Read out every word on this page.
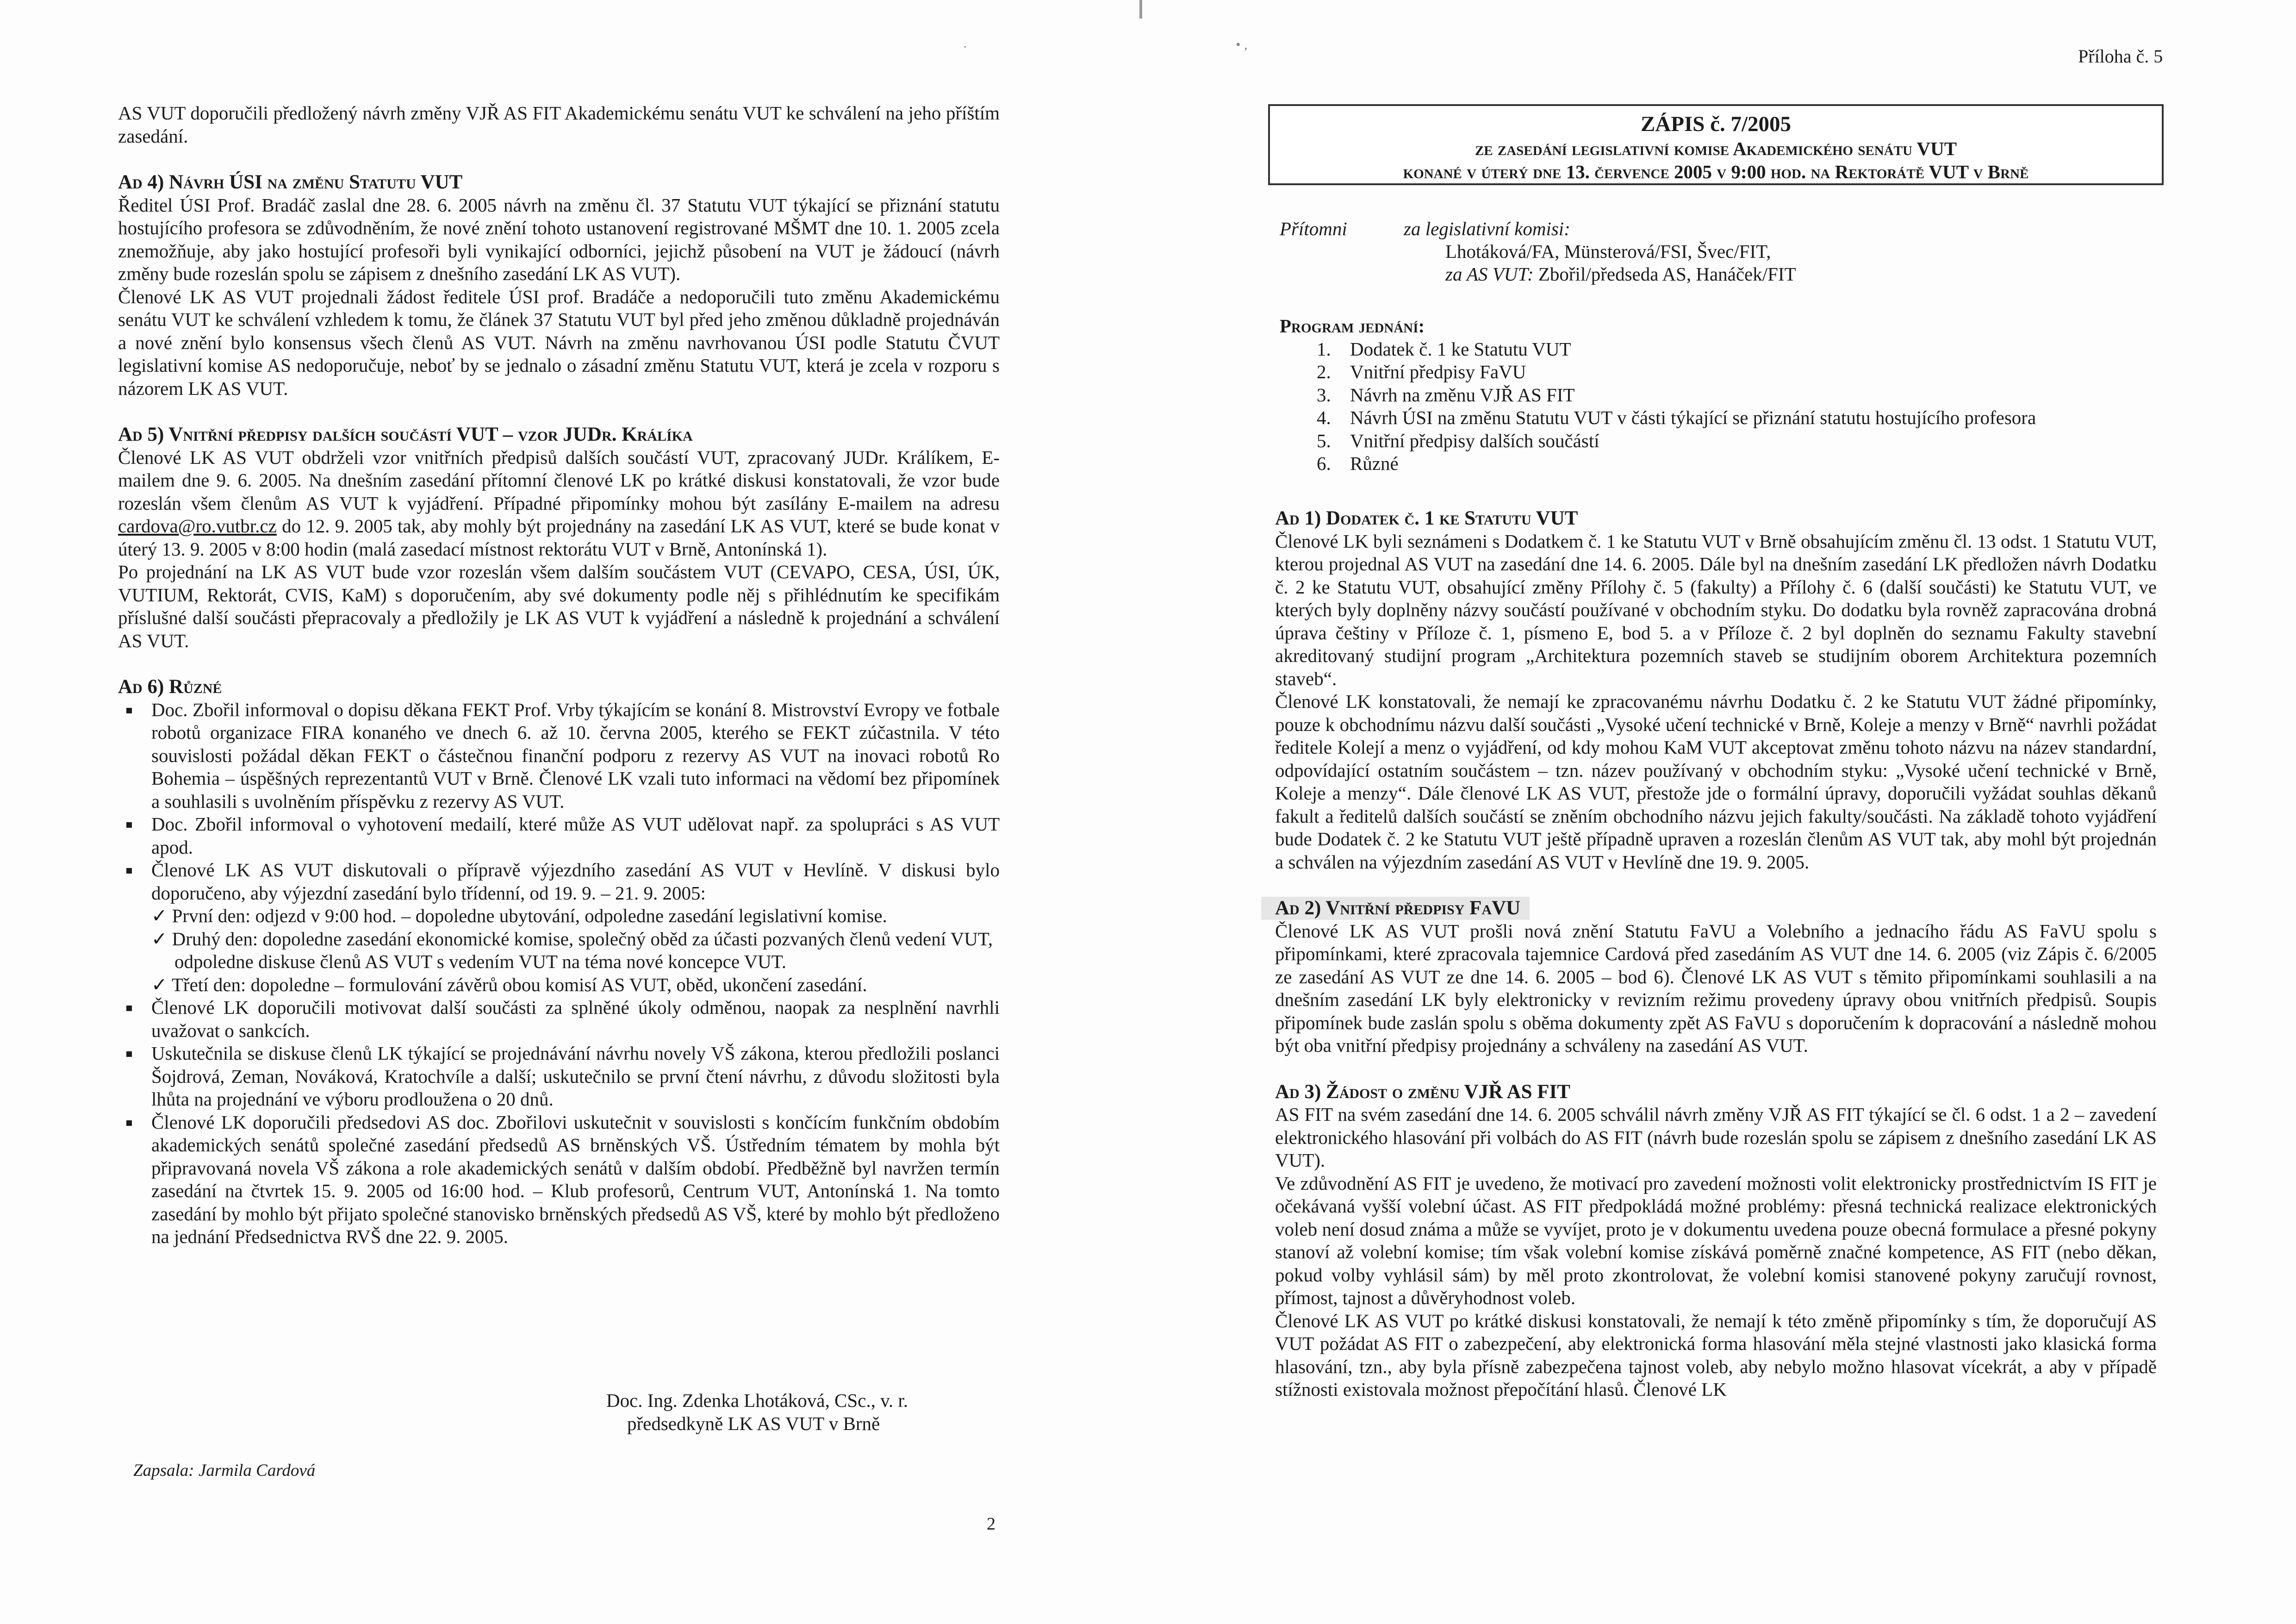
·

AS VUT doporučili předložený návrh změny VJŘ AS FIT Akademickému senátu VUT ke schválení na jeho příštím zasedání.

Ad 4) Návrh ÚSI na změnu Statutu VUT

Ředitel ÚSI Prof. Bradáč zaslal dne 28. 6. 2005 návrh na změnu čl. 37 Statutu VUT týkající se přiznání statutu hostujícího profesora se zdůvodněním, že nové znění tohoto ustanovení registrované MŠMT dne 10. 1. 2005 zcela znemožňuje, aby jako hostující profesoři byli vynikající odborníci, jejichž působení na VUT je žádoucí (návrh změny bude rozeslán spolu se zápisem z dnešního zasedání LK AS VUT).

Členové LK AS VUT projednali žádost ředitele ÚSI prof. Bradáče a nedoporučili tuto změnu Akademickému senátu VUT ke schválení vzhledem k tomu, že článek 37 Statutu VUT byl před jeho změnou důkladně projednáván a nové znění bylo konsensus všech členů AS VUT. Návrh na změnu navrhovanou ÚSI podle Statutu ČVUT legislativní komise AS nedoporučuje, neboť by se jednalo o zásadní změnu Statutu VUT, která je zcela v rozporu s názorem LK AS VUT.

Ad 5) Vnitřní předpisy dalších součástí VUT – vzor JUDr. Králíka

Členové LK AS VUT obdrželi vzor vnitřních předpisů dalších součástí VUT, zpracovaný JUDr. Králíkem, E-mailem dne 9. 6. 2005. Na dnešním zasedání přítomní členové LK po krátké diskusi konstatovali, že vzor bude rozeslán všem členům AS VUT k vyjádření. Případné připomínky mohou být zasílány E-mailem na adresu cardova@ro.vutbr.cz do 12. 9. 2005 tak, aby mohly být projednány na zasedání LK AS VUT, které se bude konat v úterý 13. 9. 2005 v 8:00 hodin (malá zasedací místnost rektorátu VUT v Brně, Antonínská 1).

Po projednání na LK AS VUT bude vzor rozeslán všem dalším součástem VUT (CEVAPO, CESA, ÚSI, ÚK, VUTIUM, Rektorát, CVIS, KaM) s doporučením, aby své dokumenty podle něj s přihlédnutím ke specifikám příslušné další součásti přepracovaly a předložily je LK AS VUT k vyjádření a následně k projednání a schválení AS VUT.

Ad 6) Různé

Doc. Zbořil informoval o dopisu děkana FEKT Prof. Vrby týkajícím se konání 8. Mistrovství Evropy ve fotbale robotů organizace FIRA konaného ve dnech 6. až 10. června 2005, kterého se FEKT zúčastnila. V této souvislosti požádal děkan FEKT o částečnou finanční podporu z rezervy AS VUT na inovaci robotů Ro Bohemia – úspěšných reprezentantů VUT v Brně. Členové LK vzali tuto informaci na vědomí bez připomínek a souhlasili s uvolněním příspěvku z rezervy AS VUT.
Doc. Zbořil informoval o vyhotovení medailí, které může AS VUT udělovat např. za spolupráci s AS VUT apod.
Členové LK AS VUT diskutovali o přípravě výjezdního zasedání AS VUT v Hevlíně. V diskusi bylo doporučeno, aby výjezdní zasedání bylo třídenní, od 19. 9. – 21. 9. 2005:
✓ První den: odjezd v 9:00 hod. – dopoledne ubytování, odpoledne zasedání legislativní komise.
✓ Druhý den: dopoledne zasedání ekonomické komise, společný oběd za účasti pozvaných členů vedení VUT, odpoledne diskuse členů AS VUT s vedením VUT na téma nové koncepce VUT.
✓ Třetí den: dopoledne – formulování závěrů obou komisí AS VUT, oběd, ukončení zasedání.
Členové LK doporučili motivovat další součásti za splněné úkoly odměnou, naopak za nesplnění navrhli uvažovat o sankcích.
Uskutečnila se diskuse členů LK týkající se projednávání návrhu novely VŠ zákona, kterou předložili poslanci Šojdrová, Zeman, Nováková, Kratochvíle a další; uskutečnilo se první čtení návrhu, z důvodu složitosti byla lhůta na projednání ve výboru prodloužena o 20 dnů.
Členové LK doporučili předsedovi AS doc. Zbořilovi uskutečnit v souvislosti s končícím funkčním obdobím akademických senátů společné zasedání předsedů AS brněnských VŠ. Ústředním tématem by mohla být připravovaná novela VŠ zákona a role akademických senátů v dalším období. Předběžně byl navržen termín zasedání na čtvrtek 15. 9. 2005 od 16:00 hod. – Klub profesorů, Centrum VUT, Antonínská 1. Na tomto zasedání by mohlo být přijato společné stanovisko brněnských předsedů AS VŠ, které by mohlo být předloženo na jednání Předsednictva RVŠ dne 22. 9. 2005.
Doc. Ing. Zdenka Lhotáková, CSc., v. r.
předsedkyně LK AS VUT v Brně
Zapsala: Jarmila Cardová
2
• ,
Příloha č. 5
ZÁPIS č. 7/2005
ze zasedání legislativní komise Akademického senátu VUT
konané v úterý dne 13. července 2005 v 9:00 hod. na Rektorátě VUT v Brně
Přítomni	za legislativní komisi:
Lhotáková/FA, Münsterová/FSI, Švec/FIT,
za AS VUT: Zbořil/předseda AS, Hanáček/FIT

Program jednání:

1. Dodatek č. 1 ke Statutu VUT
2. Vnitřní předpisy FaVU
3. Návrh na změnu VJŘ AS FIT
4. Návrh ÚSI na změnu Statutu VUT v části týkající se přiznání statutu hostujícího profesora
5. Vnitřní předpisy dalších součástí
6. Různé

Ad 1) Dodatek č. 1 ke Statutu VUT

Členové LK byli seznámeni s Dodatkem č. 1 ke Statutu VUT v Brně obsahujícím změnu čl. 13 odst. 1 Statutu VUT, kterou projednal AS VUT na zasedání dne 14. 6. 2005. Dále byl na dnešním zasedání LK předložen návrh Dodatku č. 2 ke Statutu VUT, obsahující změny Přílohy č. 5 (fakulty) a Přílohy č. 6 (další součásti) ke Statutu VUT, ve kterých byly doplněny názvy součástí používané v obchodním styku. Do dodatku byla rovněž zapracována drobná úprava češtiny v Příloze č. 1, písmeno E, bod 5. a v Příloze č. 2 byl doplněn do seznamu Fakulty stavební akreditovaný studijní program „Architektura pozemních staveb se studijním oborem Architektura pozemních staveb“.

Členové LK konstatovali, že nemají ke zpracovanému návrhu Dodatku č. 2 ke Statutu VUT žádné připomínky, pouze k obchodnímu názvu další součásti „Vysoké učení technické v Brně, Koleje a menzy v Brně“ navrhli požádat ředitele Kolejí a menz o vyjádření, od kdy mohou KaM VUT akceptovat změnu tohoto názvu na název standardní, odpovídající ostatním součástem – tzn. název používaný v obchodním styku: „Vysoké učení technické v Brně, Koleje a menzy“. Dále členové LK AS VUT, přestože jde o formální úpravy, doporučili vyžádat souhlas děkanů fakult a ředitelů dalších součástí se zněním obchodního názvu jejich fakulty/součásti. Na základě tohoto vyjádření bude Dodatek č. 2 ke Statutu VUT ještě případně upraven a rozeslán členům AS VUT tak, aby mohl být projednán a schválen na výjezdním zasedání AS VUT v Hevlíně dne 19. 9. 2005.

Ad 2) Vnitřní předpisy FaVU

Členové LK AS VUT prošli nová znění Statutu FaVU a Volebního a jednacího řádu AS FaVU spolu s připomínkami, které zpracovala tajemnice Cardová před zasedáním AS VUT dne 14. 6. 2005 (viz Zápis č. 6/2005 ze zasedání AS VUT ze dne 14. 6. 2005 – bod 6). Členové LK AS VUT s těmito připomínkami souhlasili a na dnešním zasedání LK byly elektronicky v revizním režimu provedeny úpravy obou vnitřních předpisů. Soupis připomínek bude zaslán spolu s oběma dokumenty zpět AS FaVU s doporučením k dopracování a následně mohou být oba vnitřní předpisy projednány a schváleny na zasedání AS VUT.

Ad 3) Žádost o změnu VJŘ AS FIT

AS FIT na svém zasedání dne 14. 6. 2005 schválil návrh změny VJŘ AS FIT týkající se čl. 6 odst. 1 a 2 – zavedení elektronického hlasování při volbách do AS FIT (návrh bude rozeslán spolu se zápisem z dnešního zasedání LK AS VUT).

Ve zdůvodnění AS FIT je uvedeno, že motivací pro zavedení možnosti volit elektronicky prostřednictvím IS FIT je očekávaná vyšší volební účast. AS FIT předpokládá možné problémy: přesná technická realizace elektronických voleb není dosud známa a může se vyvíjet, proto je v dokumentu uvedena pouze obecná formulace a přesné pokyny stanoví až volební komise; tím však volební komise získává poměrně značné kompetence, AS FIT (nebo děkan, pokud volby vyhlásil sám) by měl proto zkontrolovat, že volební komisi stanovené pokyny zaručují rovnost, přímost, tajnost a důvěryhodnost voleb.

Členové LK AS VUT po krátké diskusi konstatovali, že nemají k této změně připomínky s tím, že doporučují AS VUT požádat AS FIT o zabezpečení, aby elektronická forma hlasování měla stejné vlastnosti jako klasická forma hlasování, tzn., aby byla přísně zabezpečena tajnost voleb, aby nebylo možno hlasovat vícekrát, a aby v případě stížnosti existovala možnost přepočítání hlasů. Členové LK
